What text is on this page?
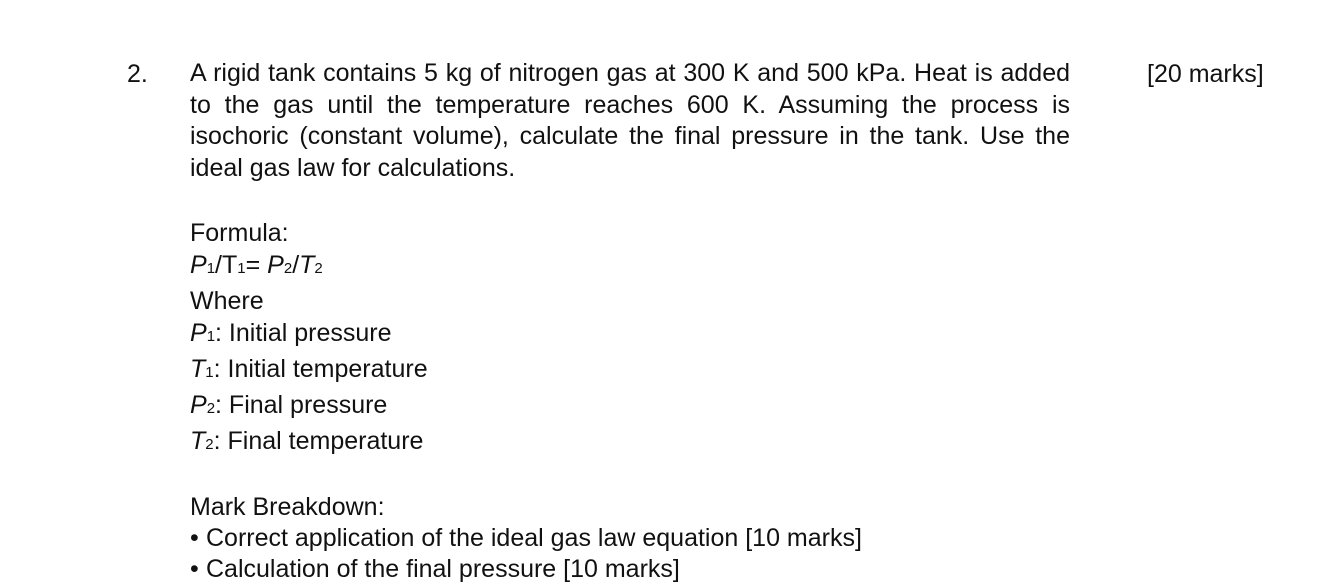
2.	[20 marks]

A rigid tank contains 5 kg of nitrogen gas at 300 K and 500 kPa. Heat is added to the gas until the temperature reaches 600 K. Assuming the process is isochoric (constant volume), calculate the final pressure in the tank. Use the ideal gas law for calculations.

Formula:
P1/T1= P2/T2
Where
P1: Initial pressure
T1: Initial temperature
P2: Final pressure
T2: Final temperature
Mark Breakdown:
• Correct application of the ideal gas law equation [10 marks]
• Calculation of the final pressure [10 marks]
